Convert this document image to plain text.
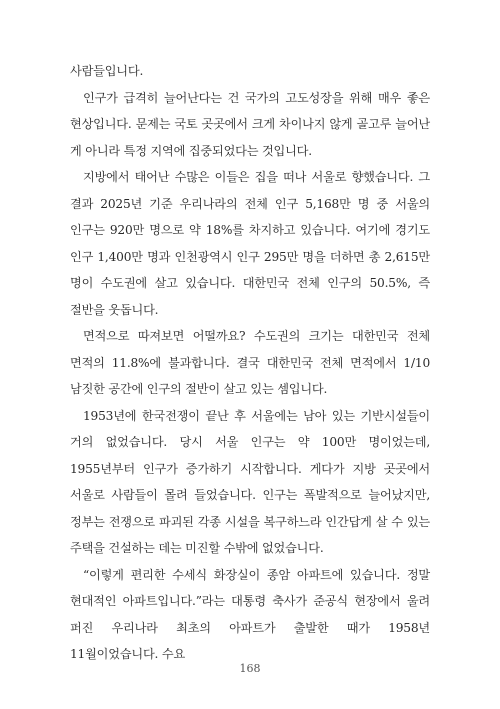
사람들입니다.

인구가 급격히 늘어난다는 건 국가의 고도성장을 위해 매우 좋은 현상입니다. 문제는 국토 곳곳에서 크게 차이나지 않게 골고루 늘어난 게 아니라 특정 지역에 집중되었다는 것입니다.

지방에서 태어난 수많은 이들은 집을 떠나 서울로 향했습니다. 그 결과 2025년 기준 우리나라의 전체 인구 5,168만 명 중 서울의 인구는 920만 명으로 약 18%를 차지하고 있습니다. 여기에 경기도 인구 1,400만 명과 인천광역시 인구 295만 명을 더하면 총 2,615만 명이 수도권에 살고 있습니다. 대한민국 전체 인구의 50.5%, 즉 절반을 웃돕니다.

면적으로 따져보면 어떨까요? 수도권의 크기는 대한민국 전체 면적의 11.8%에 불과합니다. 결국 대한민국 전체 면적에서 1/10 남짓한 공간에 인구의 절반이 살고 있는 셈입니다.

1953년에 한국전쟁이 끝난 후 서울에는 남아 있는 기반시설들이 거의 없었습니다. 당시 서울 인구는 약 100만 명이었는데, 1955년부터 인구가 증가하기 시작합니다. 게다가 지방 곳곳에서 서울로 사람들이 몰려 들었습니다. 인구는 폭발적으로 늘어났지만, 정부는 전쟁으로 파괴된 각종 시설을 복구하느라 인간답게 살 수 있는 주택을 건설하는 데는 미진할 수밖에 없었습니다.

“이렇게 편리한 수세식 화장실이 종암 아파트에 있습니다. 정말 현대적인 아파트입니다.”라는 대통령 축사가 준공식 현장에서 울려 퍼진 우리나라 최초의 아파트가 출발한 때가 1958년 11월이었습니다. 수요

168
